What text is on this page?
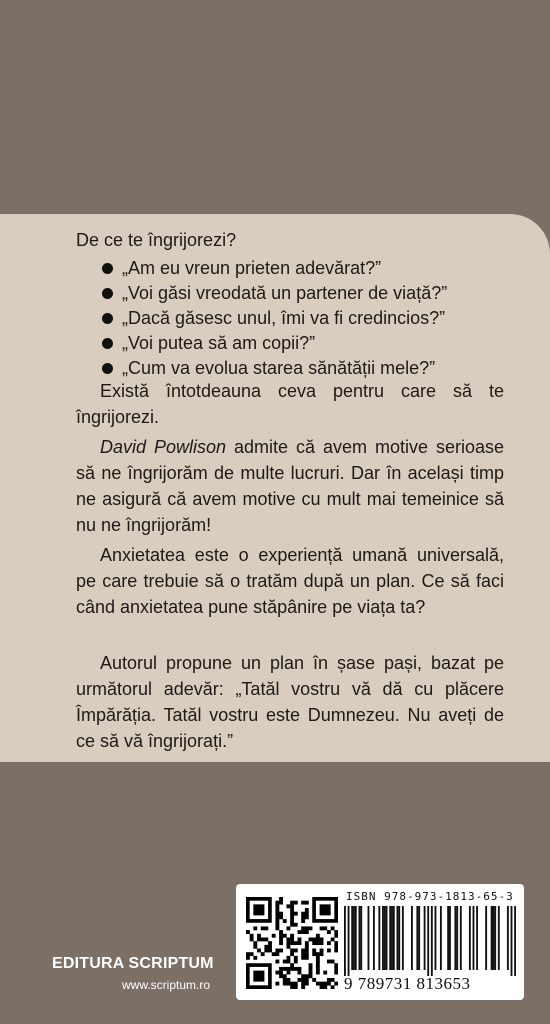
De ce te îngrijorezi?

„Am eu vreun prieten adevărat?”
„Voi găsi vreodată un partener de viață?”
„Dacă găsesc unul, îmi va fi credincios?”
„Voi putea să am copii?”
„Cum va evolua starea sănătății mele?”

Există întotdeauna ceva pentru care să te îngrijorezi.

David Powlison admite că avem motive serioase să ne îngrijorăm de multe lucruri. Dar în același timp ne asigură că avem motive cu mult mai temeinice să nu ne îngrijorăm!

Anxietatea este o experiență umană universală, pe care trebuie să o tratăm după un plan. Ce să faci când anxietatea pune stăpânire pe viața ta?

Autorul propune un plan în șase pași, bazat pe următorul adevăr: „Tatăl vostru vă dă cu plăcere Împărăția. Tatăl vostru este Dumnezeu. Nu aveți de ce să vă îngrijorați.”

EDITURA SCRIPTUM
www.scriptum.ro
ISBN 978-973-1813-65-3
9 789731 813653
